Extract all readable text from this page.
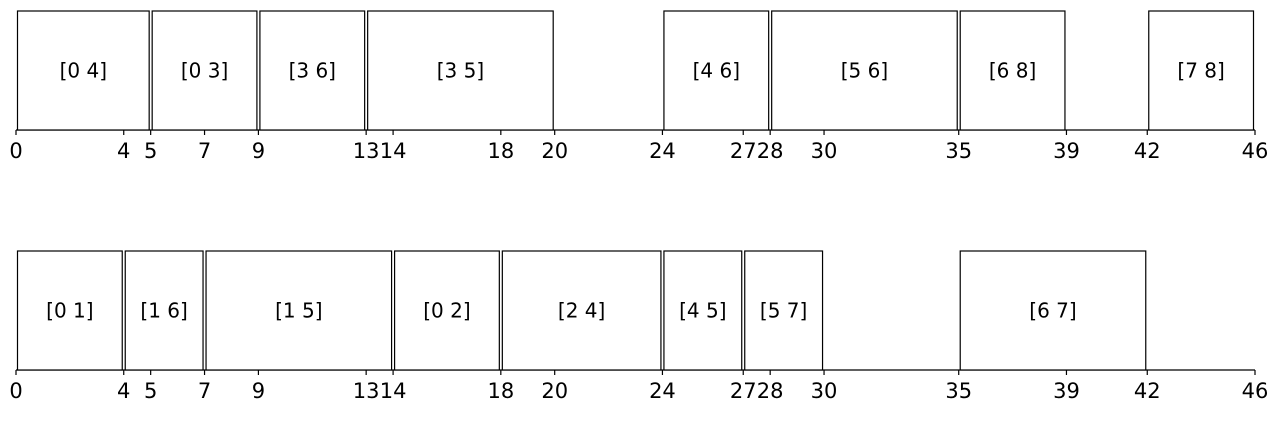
[0 4]	[0 3]	[3 6]	[3 5]	[4 6]	[5 6]	[6 8]	[7 8]
0	4 5 7 9	13 14	18 20	24	27 28 30	35	39	42	46
[0 1] [1 6]	[1 5]	[0 2]	[2 4]	[4 5] [5 7]	[6 7]
0	4 5 7 9	13 14	18 20	24	27 28 30	35	39	42	46
